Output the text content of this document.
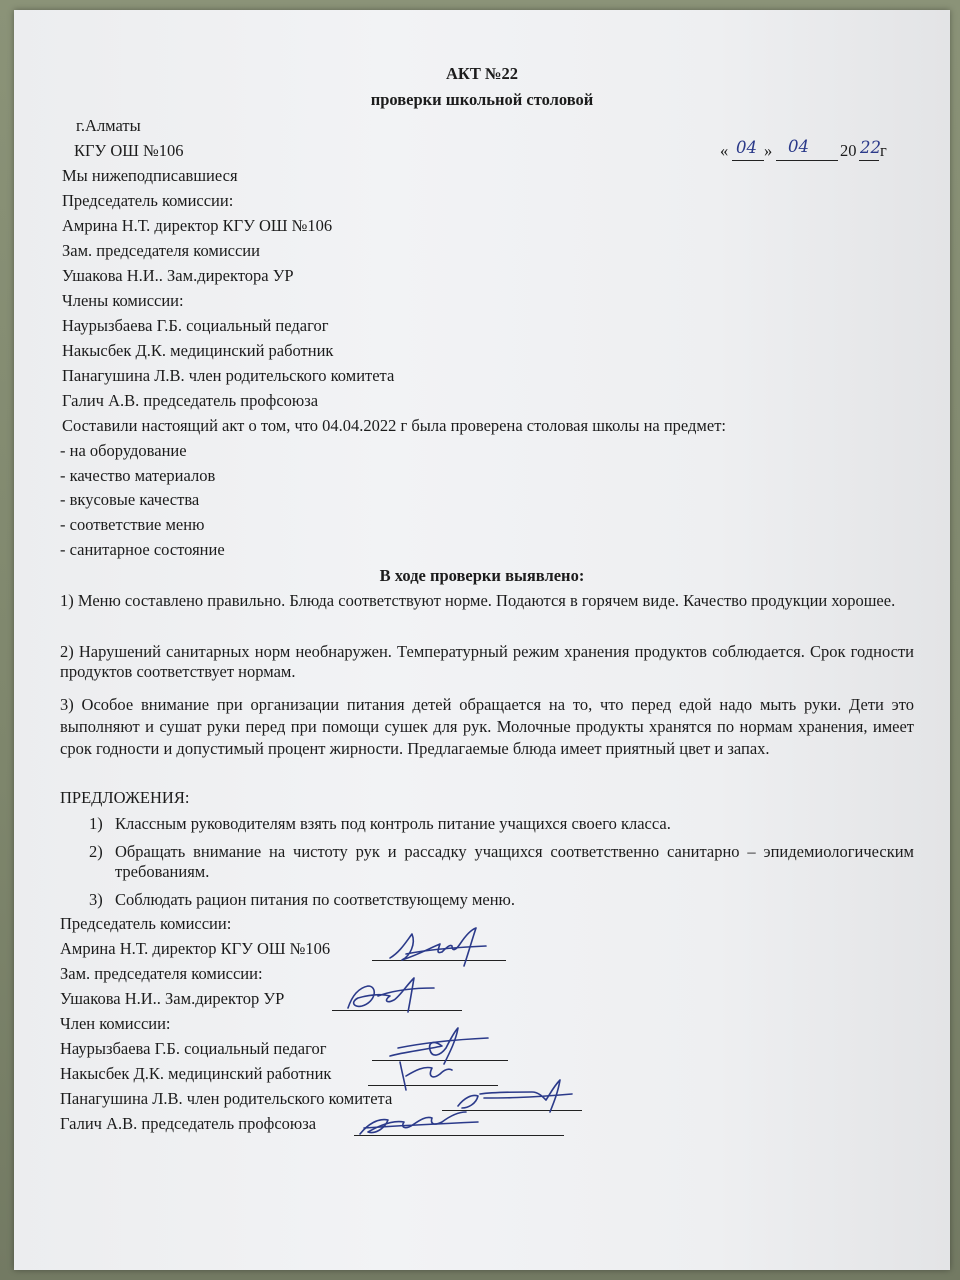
АКТ №22
проверки школьной столовой
г.Алматы
КГУ ОШ №106	« 04 » 04 20 22 г
Мы нижеподписавшиеся
Председатель комиссии:
Амрина Н.Т. директор КГУ ОШ №106
Зам. председателя комиссии
Ушакова Н.И.. Зам.директора УР
Члены комиссии:
Наурызбаева Г.Б. социальный педагог
Накысбек Д.К. медицинский работник
Панагушина Л.В. член родительского комитета
Галич А.В. председатель профсоюза
Составили настоящий акт о том, что 04.04.2022 г была проверена столовая школы на предмет:
- на оборудование
- качество материалов
- вкусовые качества
- соответствие меню
- санитарное состояние
В ходе проверки выявлено:
1) Меню составлено правильно. Блюда соответствуют норме. Подаются в горячем виде. Качество продукции хорошее.
2) Нарушений санитарных норм необнаружен. Температурный режим хранения продуктов соблюдается. Срок годности продуктов соответствует нормам.
3) Особое внимание при организации питания детей обращается на то, что перед едой надо мыть руки. Дети это выполняют и сушат руки перед при помощи сушек для рук. Молочные продукты хранятся по нормам хранения, имеет срок годности и допустимый процент жирности. Предлагаемые блюда имеет приятный цвет и запах.
ПРЕДЛОЖЕНИЯ:
1) Классным руководителям взять под контроль питание учащихся своего класса.
2) Обращать внимание на чистоту рук и рассадку учащихся соответственно санитарно – эпидемиологическим требованиям.
3) Соблюдать рацион питания по соответствующему меню.
Председатель комиссии:
Амрина Н.Т. директор КГУ ОШ №106
Зам. председателя комиссии:
Ушакова Н.И.. Зам.директор УР
Член комиссии:
Наурызбаева Г.Б. социальный педагог
Накысбек Д.К. медицинский работник
Панагушина Л.В. член родительского комитета
Галич А.В. председатель профсоюза
